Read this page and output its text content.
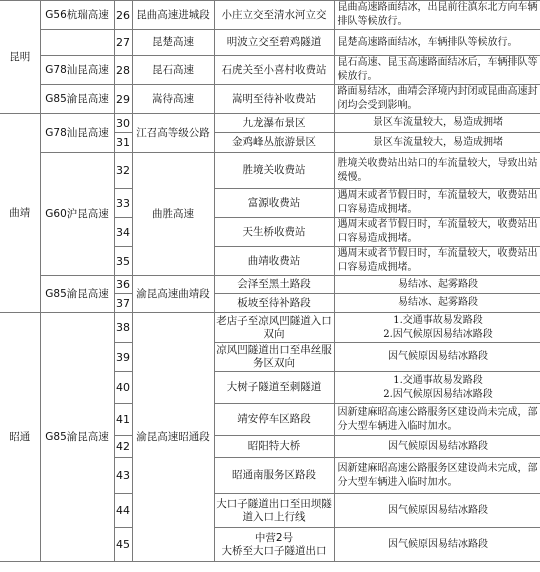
昆明	G56杭瑞高速	26	昆曲高速进城段	小庄立交至清水河立交	昆曲高速路面结冰，出昆前往滇东北方向车辆排队等候放行。
		27	昆楚高速	明波立交至碧鸡隧道	昆楚高速路面结冰，车辆排队等候放行。
	G78汕昆高速	28	昆石高速	石虎关至小喜村收费站	昆石高速、昆玉高速路面结冰后，车辆排队等候放行。
	G85渝昆高速	29	嵩待高速	嵩明至待补收费站	路面易结冰，曲靖会泽境内封闭或昆曲高速封闭均会受到影响。
曲靖	G78汕昆高速	30	江召高等级公路	九龙瀑布景区	景区车流量较大，易造成拥堵
		31		金鸡峰丛旅游景区	景区车流量较大，易造成拥堵
	G60沪昆高速	32	曲胜高速	胜境关收费站	胜境关收费站出站口的车流量较大，导致出站缓慢。
		33		富源收费站	遇周末或者节假日时，车流量较大，收费站出口容易造成拥堵。
		34		天生桥收费站	遇周末或者节假日时，车流量较大，收费站出口容易造成拥堵。
		35		曲靖收费站	遇周末或者节假日时，车流量较大，收费站出口容易造成拥堵。
	G85渝昆高速	36	渝昆高速曲靖段	会泽至黑土路段	易结冰、起雾路段
		37		板坡至待补路段	易结冰、起雾路段
昭通	G85渝昆高速	38	渝昆高速昭通段	老店子至凉风凹隧道入口双向	1.交通事故易发路段
2.因气候原因易结冰路段

		39		凉风凹隧道出口至串丝服务区双向	因气候原因易结冰路段
		40		大树子隧道至刺隧道	1.交通事故易发路段
2.因气候原因易结冰路段

		41		靖安停车区路段	因新建麻昭高速公路服务区建设尚未完成，部分大型车辆进入临时加水。
		42		昭阳特大桥	因气候原因易结冰路段
		43		昭通南服务区路段	因新建麻昭高速公路服务区建设尚未完成，部分大型车辆进入临时加水。
		44		大口子隧道出口至田坝隧道入口上行线	因气候原因易结冰路段
		45		中营2号
大桥至大口子隧道出口	因气候原因易结冰路段
